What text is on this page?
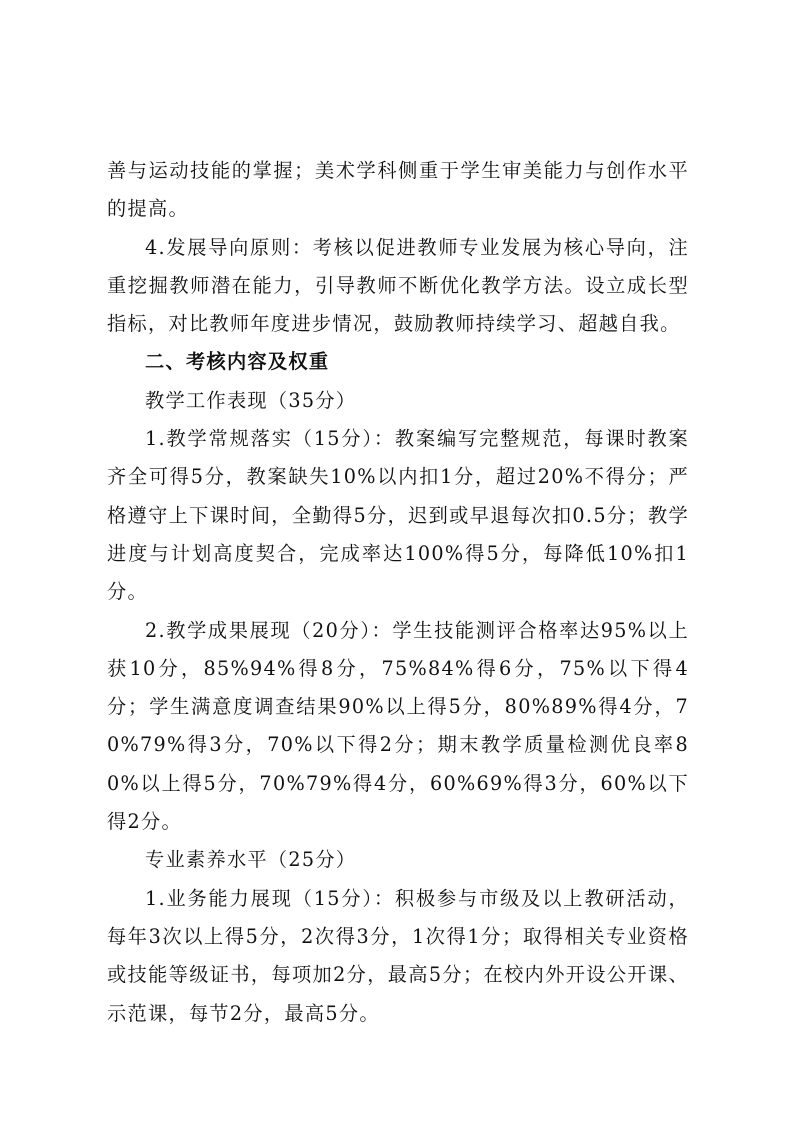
善与运动技能的掌握；美术学科侧重于学生审美能力与创作水平的提高。

4.发展导向原则：考核以促进教师专业发展为核心导向，注重挖掘教师潜在能力，引导教师不断优化教学方法。设立成长型指标，对比教师年度进步情况，鼓励教师持续学习、超越自我。

二、考核内容及权重

教学工作表现（35分）

1.教学常规落实（15分）：教案编写完整规范，每课时教案齐全可得5分，教案缺失10%以内扣1分，超过20%不得分；严格遵守上下课时间，全勤得5分，迟到或早退每次扣0.5分；教学进度与计划高度契合，完成率达100%得5分，每降低10%扣1分。

2.教学成果展现（20分）：学生技能测评合格率达95%以上获10分，85%94%得8分，75%84%得6分，75%以下得4分；学生满意度调查结果90%以上得5分，80%89%得4分，70%79%得3分，70%以下得2分；期末教学质量检测优良率80%以上得5分，70%79%得4分，60%69%得3分，60%以下得2分。

专业素养水平（25分）

1.业务能力展现（15分）：积极参与市级及以上教研活动，每年3次以上得5分，2次得3分，1次得1分；取得相关专业资格或技能等级证书，每项加2分，最高5分；在校内外开设公开课、示范课，每节2分，最高5分。
